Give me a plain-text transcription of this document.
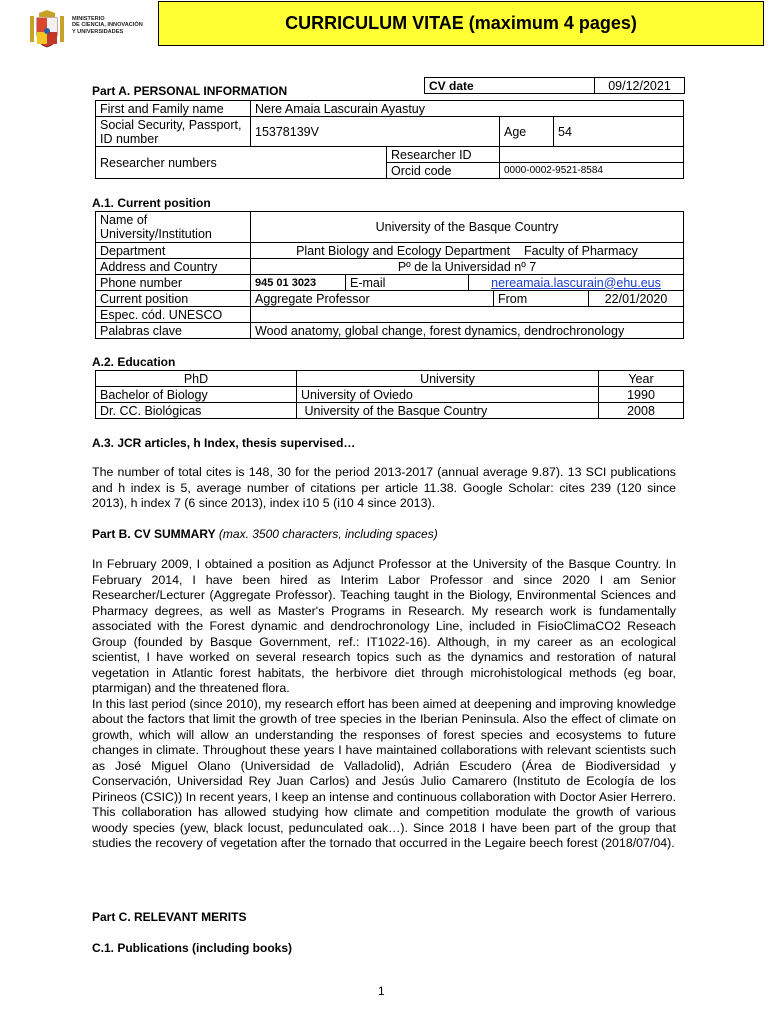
MINISTERIO
DE CIENCIA, INNOVACIÓN
Y UNIVERSIDADES	CURRICULUM VITAE (maximum 4 pages)
Part A. PERSONAL INFORMATION	CV date	09/12/2021
First and Family name	Nere Amaia Lascurain Ayastuy			
Social Security, Passport, ID number	15378139V		Age	54
Researcher numbers		Researcher ID		
		Orcid code	0000-0002-9521-8584	
A.1. Current position
Name of University/Institution	University of the Basque Country				
Department	Plant Biology and Ecology Department    Faculty of Pharmacy				
Address and Country	Pº de la Universidad nº 7				
Phone number	945 01 3023	E-mail	nereamaia.lascurain@ehu.eus		
Current position	Aggregate Professor			From	22/01/2020
Espec. cód. UNESCO					
Palabras clave	Wood anatomy, global change, forest dynamics, dendrochronology				
A.2. Education
PhD	University	Year
Bachelor of Biology	University of Oviedo	1990
Dr. CC. Biológicas	University of the Basque Country	2008
A.3. JCR articles, h Index, thesis supervised…
The number of total cites is 148, 30 for the period 2013-2017 (annual average 9.87). 13 SCI publications and h index is 5, average number of citations per article 11.38. Google Scholar: cites 239 (120 since 2013), h index 7 (6 since 2013), index i10 5 (i10 4 since 2013).
Part B. CV SUMMARY (max. 3500 characters, including spaces)

In February 2009, I obtained a position as Adjunct Professor at the University of the Basque Country. In February 2014, I have been hired as Interim Labor Professor and since 2020 I am Senior Researcher/Lecturer (Aggregate Professor). Teaching taught in the Biology, Environmental Sciences and Pharmacy degrees, as well as Master's Programs in Research. My research work is fundamentally associated with the Forest dynamic and dendrochronology Line, included in FisioClimaCO2 Reseach Group (founded by Basque Government, ref.: IT1022-16). Although, in my career as an ecological scientist, I have worked on several research topics such as the dynamics and restoration of natural vegetation in Atlantic forest habitats, the herbivore diet through microhistological methods (eg boar, ptarmigan) and the threatened flora.

In this last period (since 2010), my research effort has been aimed at deepening and improving knowledge about the factors that limit the growth of tree species in the Iberian Peninsula. Also the effect of climate on growth, which will allow an understanding the responses of forest species and ecosystems to future changes in climate. Throughout these years I have maintained collaborations with relevant scientists such as José Miguel Olano (Universidad de Valladolid), Adrián Escudero (Área de Biodiversidad y Conservación, Universidad Rey Juan Carlos) and Jesús Julio Camarero (Instituto de Ecología de los Pirineos (CSIC)) In recent years, I keep an intense and continuous collaboration with Doctor Asier Herrero. This collaboration has allowed studying how climate and competition modulate the growth of various woody species (yew, black locust, pedunculated oak…). Since 2018 I have been part of the group that studies the recovery of vegetation after the tornado that occurred in the Legaire beech forest (2018/07/04).

Part C. RELEVANT MERITS
C.1. Publications (including books)
1
